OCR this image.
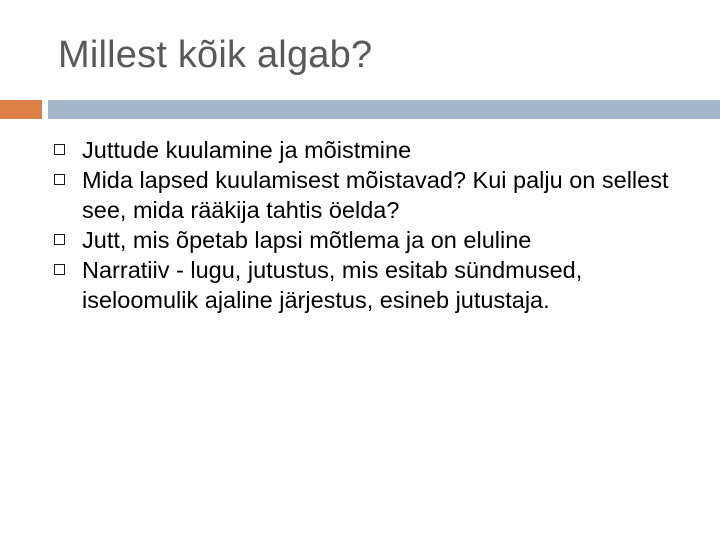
Millest kõik algab?
Juttude kuulamine ja mõistmine
Mida lapsed kuulamisest mõistavad? Kui palju on sellest see, mida rääkija tahtis öelda?
Jutt, mis õpetab lapsi mõtlema ja on eluline
Narratiiv - lugu, jutustus, mis esitab sündmused, iseloomulik ajaline järjestus, esineb jutustaja.
